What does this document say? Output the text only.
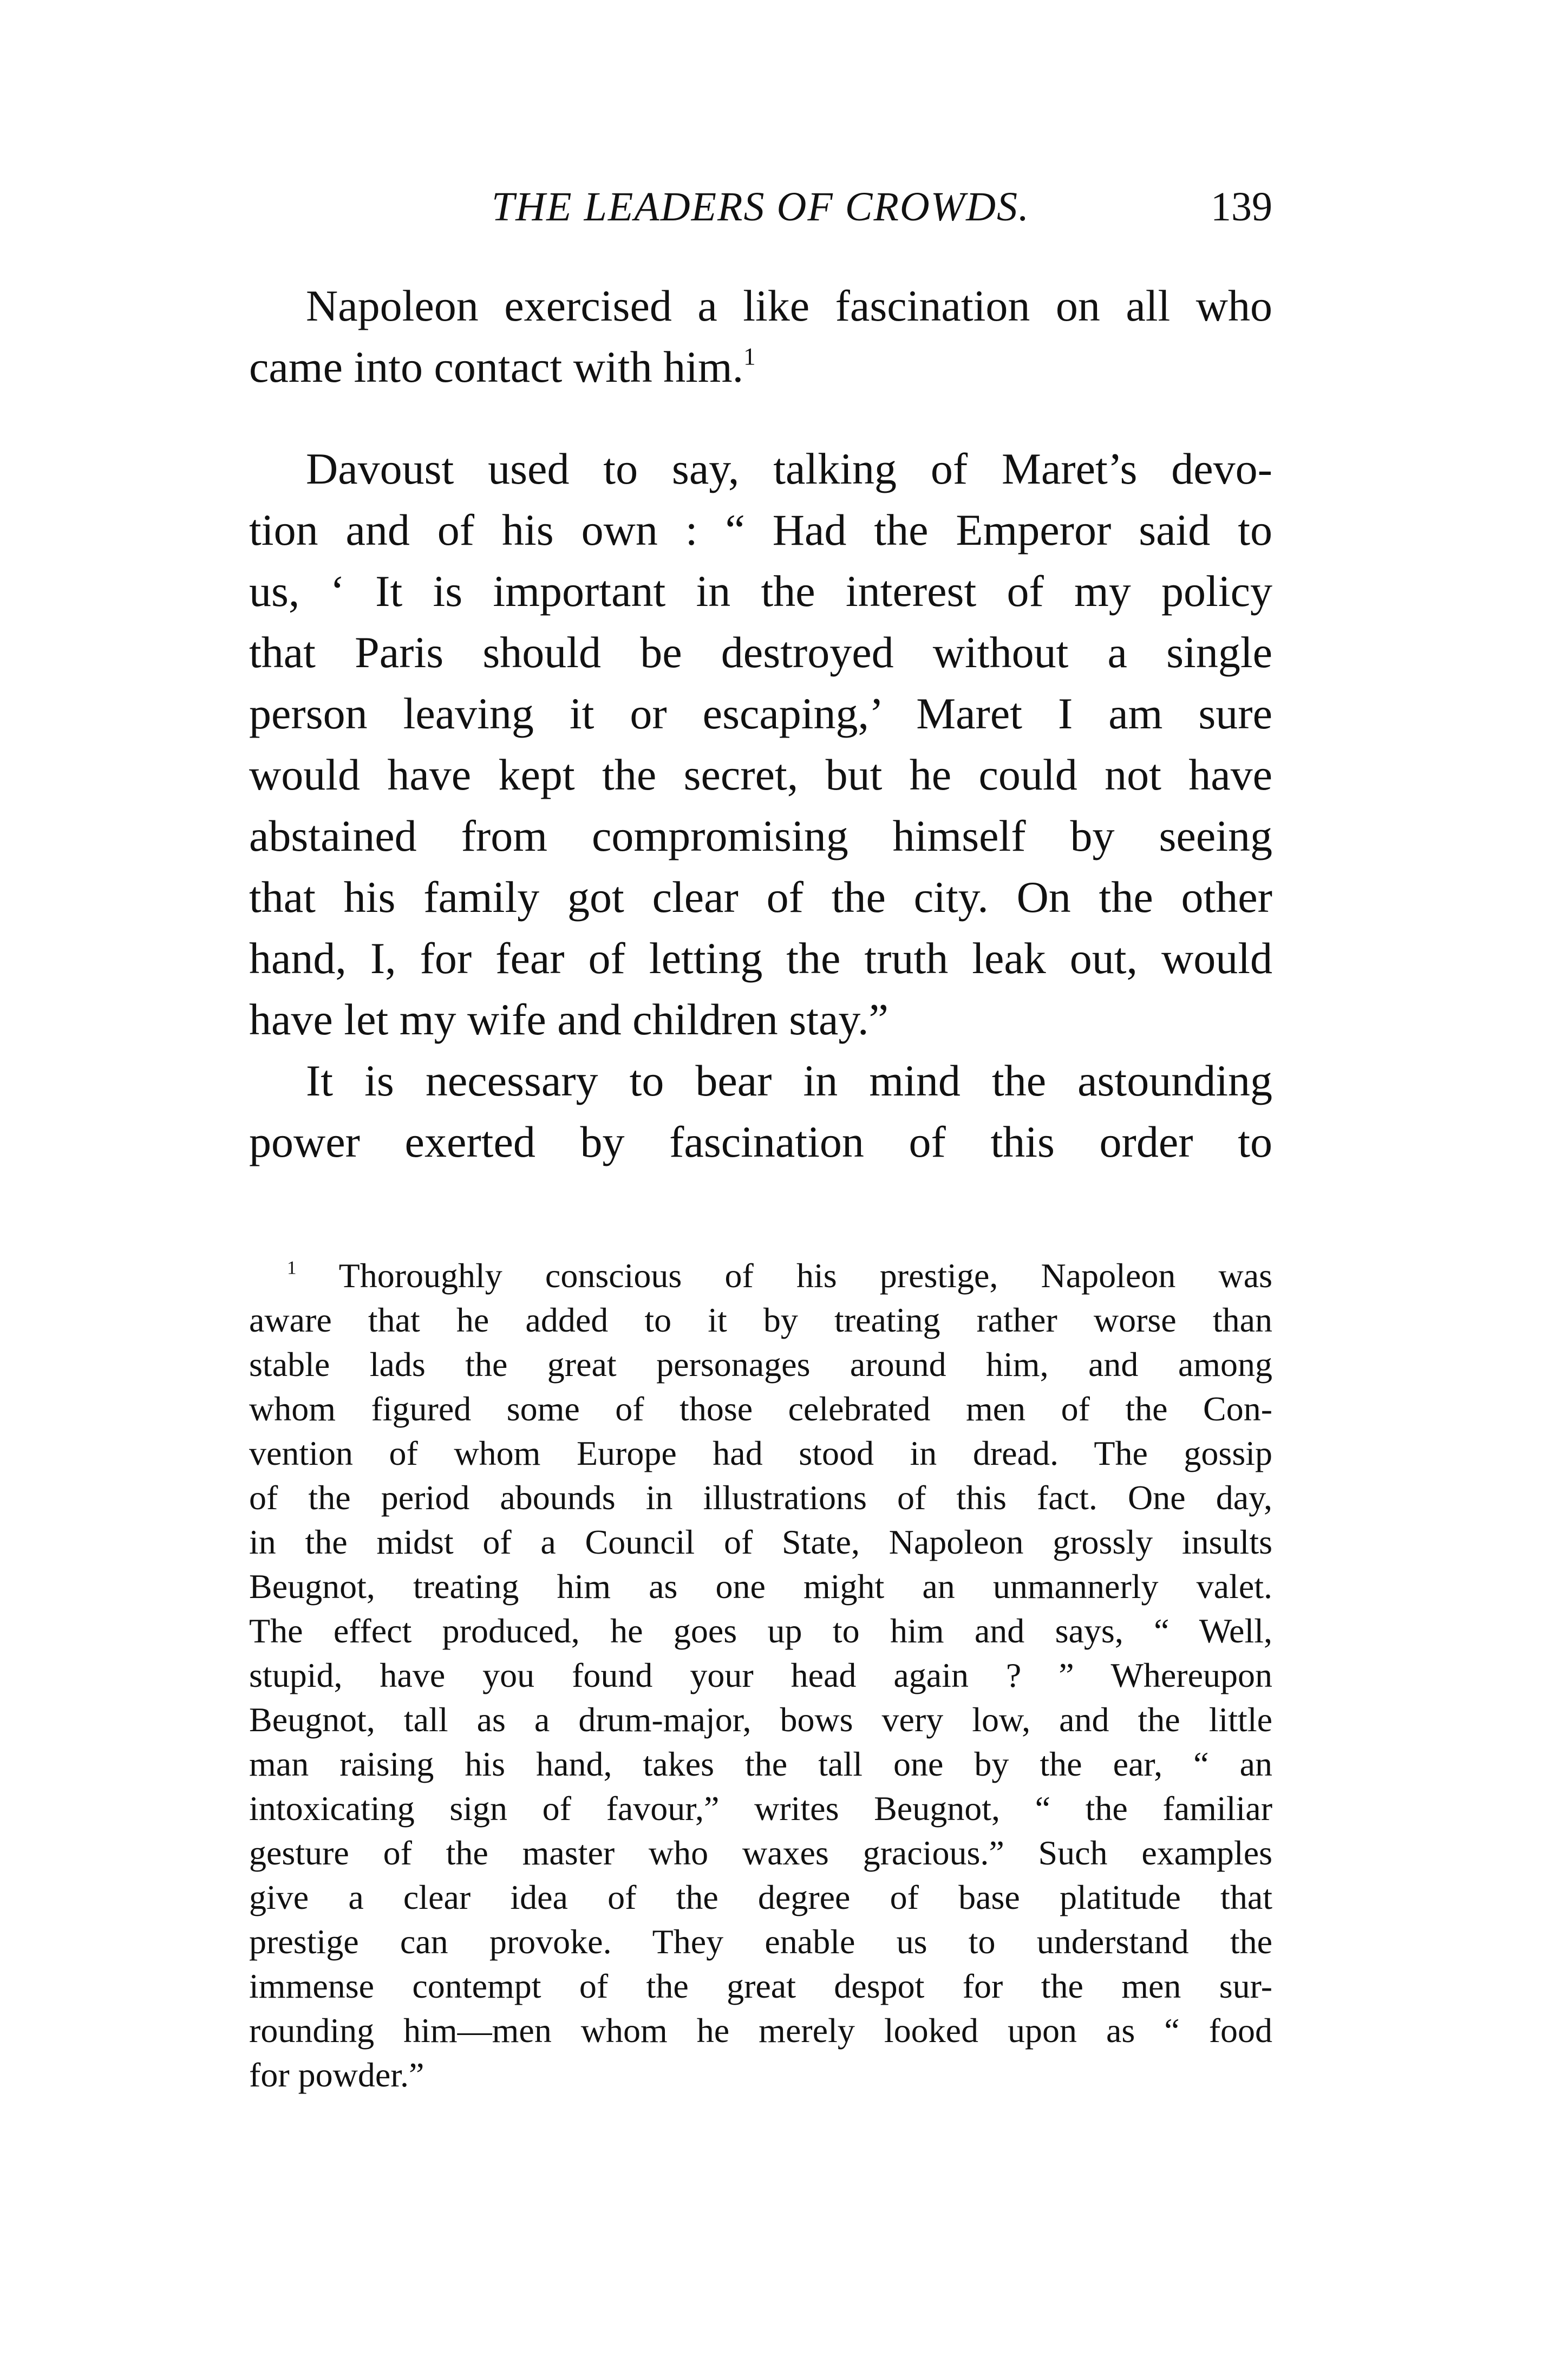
THE LEADERS OF CROWDS.	139
Napoleon exercised a like fascination on all who
came into contact with him.$^1$
Davoust used to say, talking of Maret’s devo-
tion and of his own : “ Had the Emperor said to
us, ‘ It is important in the interest of my policy
that Paris should be destroyed without a single
person leaving it or escaping,’ Maret I am sure
would have kept the secret, but he could not have
abstained from compromising himself by seeing
that his family got clear of the city. On the other
hand, I, for fear of letting the truth leak out, would
have let my wife and children stay.”
It is necessary to bear in mind the astounding
power exerted by fascination of this order to
$^1$ Thoroughly conscious of his prestige, Napoleon was
aware that he added to it by treating rather worse than
stable lads the great personages around him, and among
whom figured some of those celebrated men of the Con-
vention of whom Europe had stood in dread. The gossip
of the period abounds in illustrations of this fact. One day,
in the midst of a Council of State, Napoleon grossly insults
Beugnot, treating him as one might an unmannerly valet.
The effect produced, he goes up to him and says, “ Well,
stupid, have you found your head again ? ” Whereupon
Beugnot, tall as a drum-major, bows very low, and the little
man raising his hand, takes the tall one by the ear, “ an
intoxicating sign of favour,” writes Beugnot, “ the familiar
gesture of the master who waxes gracious.” Such examples
give a clear idea of the degree of base platitude that
prestige can provoke. They enable us to understand the
immense contempt of the great despot for the men sur-
rounding him—men whom he merely looked upon as “ food
for powder.”
